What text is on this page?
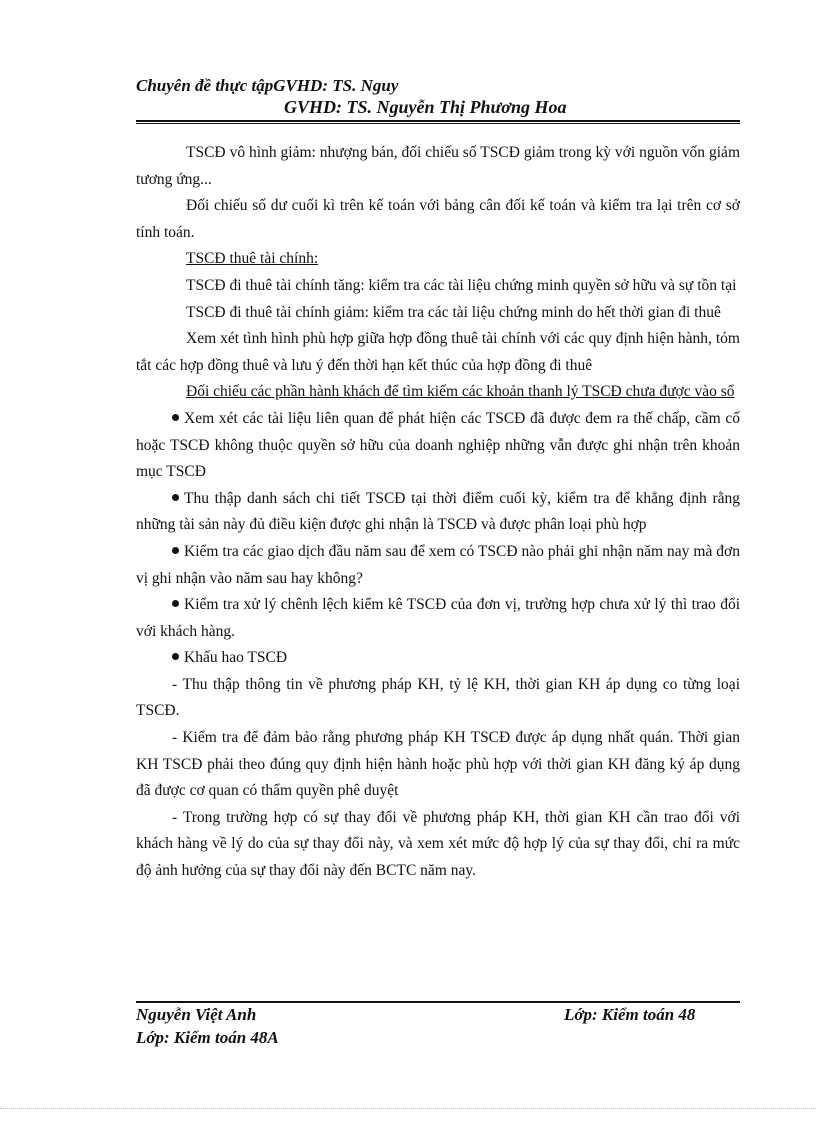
Chuyên đề thực tậpGVHD: TS. Nguy
GVHD: TS. Nguyễn Thị Phương Hoa

TSCĐ vô hình giảm: nhượng bán, đối chiếu số TSCĐ giảm trong kỳ với nguồn vốn giảm tương ứng...

Đối chiếu số dư cuối kì trên kế toán với bảng cân đối kế toán và kiểm tra lại trên cơ sở tính toán.

TSCĐ thuê tài chính:

TSCĐ đi thuê tài chính tăng: kiểm tra các tài liệu chứng minh quyền sở hữu và sự tồn tại

TSCĐ đi thuê tài chính giảm: kiểm tra các tài liệu chứng minh do hết thời gian đi thuê

Xem xét tình hình phù hợp giữa hợp đồng thuê tài chính với các quy định hiện hành, tóm tắt các hợp đồng thuê và lưu ý đến thời hạn kết thúc của hợp đồng đi thuê

Đối chiếu các phần hành khách để tìm kiếm các khoản thanh lý TSCĐ chưa được vào sổ

Xem xét các tài liệu liên quan để phát hiện các TSCĐ đã được đem ra thế chấp, cầm cố hoặc TSCĐ không thuộc quyền sở hữu của doanh nghiệp những vẫn được ghi nhận trên khoản mục TSCĐ

Thu thập danh sách chi tiết TSCĐ tại thời điểm cuối kỳ, kiểm tra để khẳng định rằng những tài sản này đủ điều kiện được ghi nhận là TSCĐ và được phân loại phù hợp

Kiểm tra các giao dịch đầu năm sau để xem có TSCĐ nào phải ghi nhận năm nay mà đơn vị ghi nhận vào năm sau hay không?

Kiểm tra xử lý chênh lệch kiểm kê TSCĐ của đơn vị, trường hợp chưa xử lý thì trao đổi với khách hàng.

Khấu hao TSCĐ

- Thu thập thông tin về phương pháp KH, tỷ lệ KH, thời gian KH áp dụng co từng loại TSCĐ.

- Kiểm tra để đảm bảo rằng phương pháp KH TSCĐ được áp dụng nhất quán. Thời gian KH TSCĐ phải theo đúng quy định hiện hành hoặc phù hợp với thời gian KH đăng ký áp dụng đã được cơ quan có thẩm quyền phê duyệt

- Trong trường hợp có sự thay đổi về phương pháp KH, thời gian KH cần trao đổi với khách hàng về lý do của sự thay đổi này, và xem xét mức độ hợp lý của sự thay đổi, chỉ ra mức độ ảnh hưởng của sự thay đổi này đến BCTC năm nay.

Nguyễn Việt Anh	Lớp: Kiểm toán 48
Lớp: Kiểm toán 48A
